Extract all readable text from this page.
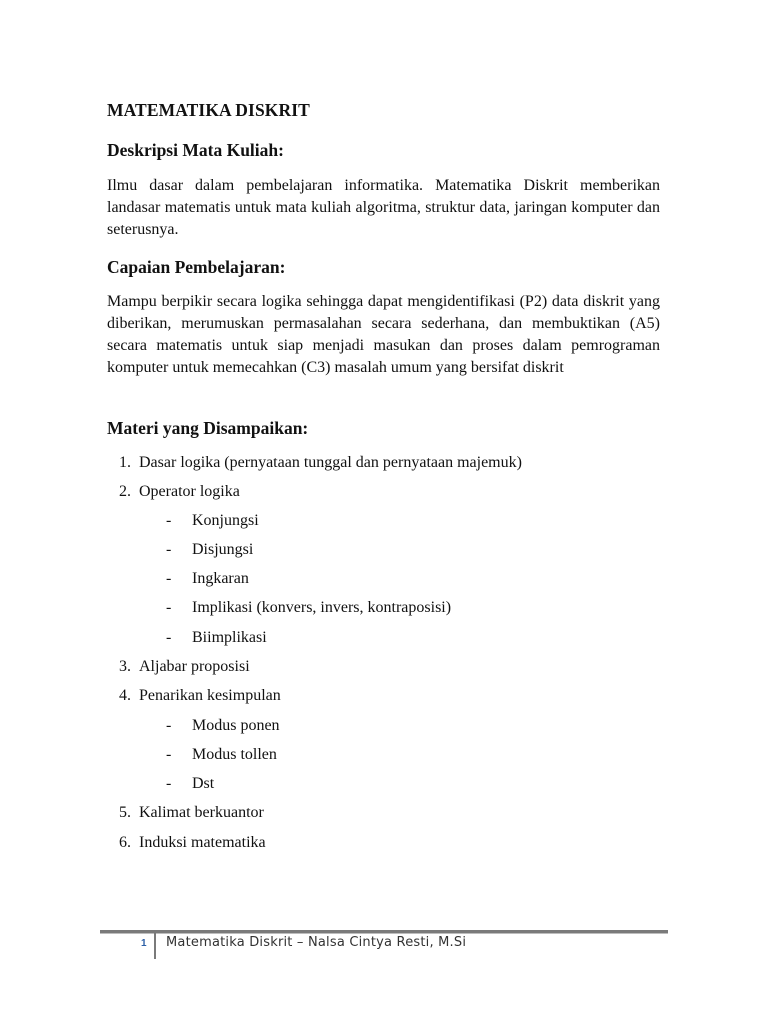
MATEMATIKA DISKRIT
Deskripsi Mata Kuliah:

Ilmu dasar dalam pembelajaran informatika. Matematika Diskrit memberikan landasar matematis untuk mata kuliah algoritma, struktur data, jaringan komputer dan seterusnya.

Capaian Pembelajaran:

Mampu berpikir secara logika sehingga dapat mengidentifikasi (P2) data diskrit yang diberikan, merumuskan permasalahan secara sederhana, dan membuktikan (A5) secara matematis untuk siap menjadi masukan dan proses dalam pemrograman komputer untuk memecahkan (C3) masalah umum yang bersifat diskrit

Materi yang Disampaikan:
1. Dasar logika (pernyataan tunggal dan pernyataan majemuk)
2. Operator logika
- Konjungsi
- Disjungsi
- Ingkaran
- Implikasi (konvers, invers, kontraposisi)
- Biimplikasi
3. Aljabar proposisi
4. Penarikan kesimpulan
- Modus ponen
- Modus tollen
- Dst
5. Kalimat berkuantor
6. Induksi matematika
1 Matematika Diskrit – Nalsa Cintya Resti, M.Si
